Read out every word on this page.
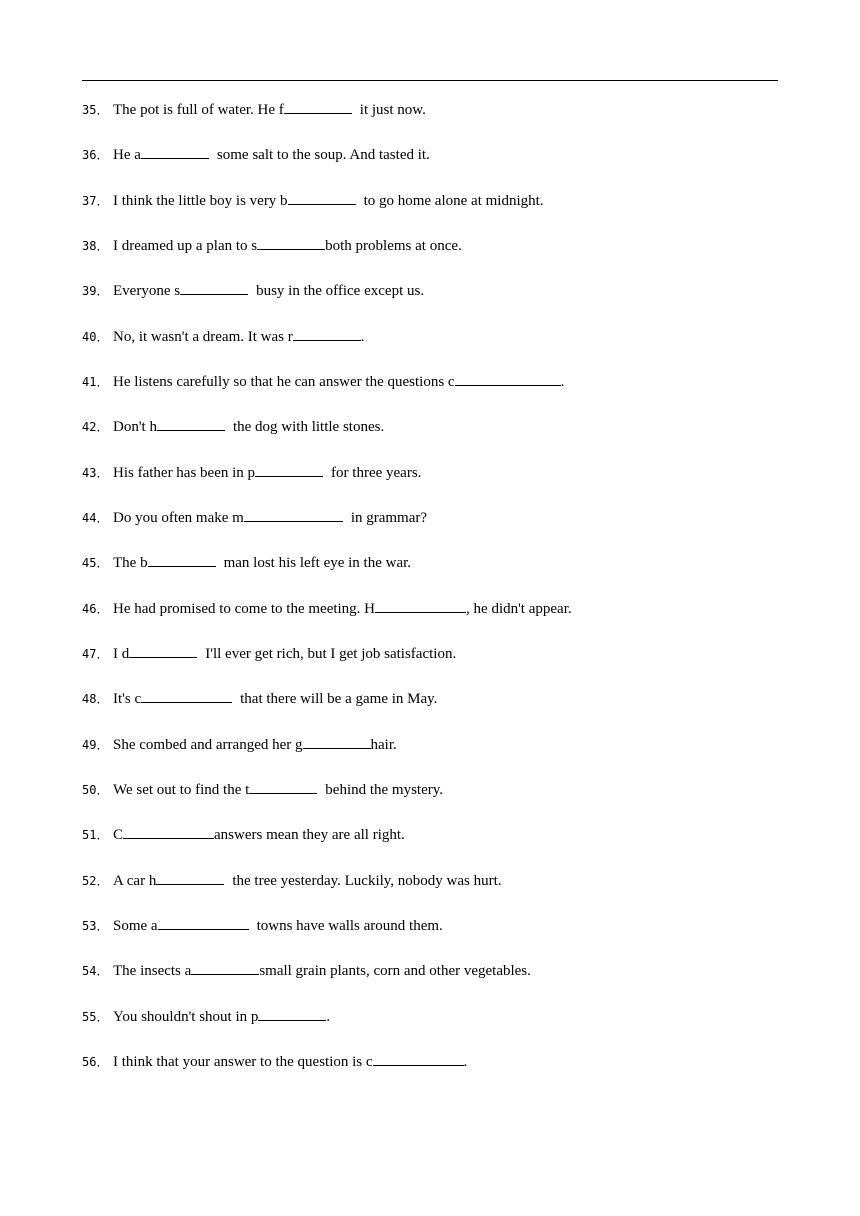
35． The pot is full of water. He f	it just now.
36． He a	some salt to the soup. And tasted it.
37． I think the little boy is very b	to go home alone at midnight.
38． I dreamed up a plan to s	both problems at once.
39． Everyone s	busy in the office except us.
40． No, it wasn't a dream. It was r	.
41． He listens carefully so that he can answer the questions c	.
42． Don't h	the dog with little stones.
43． His father has been in p	for three years.
44． Do you often make m	in grammar?
45． The b	man lost his left eye in the war.
46． He had promised to come to the meeting. H	, he didn't appear.
47． I d	I'll ever get rich, but I get job satisfaction.
48． It's c	that there will be a game in May.
49． She combed and arranged her g	hair.
50． We set out to find the t	behind the mystery.
51． C	answers mean they are all right.
52． A car h	the tree yesterday. Luckily, nobody was hurt.
53． Some a	towns have walls around them.
54． The insects a	small grain plants, corn and other vegetables.
55． You shouldn't shout in p	.
56． I think that your answer to the question is c	.
